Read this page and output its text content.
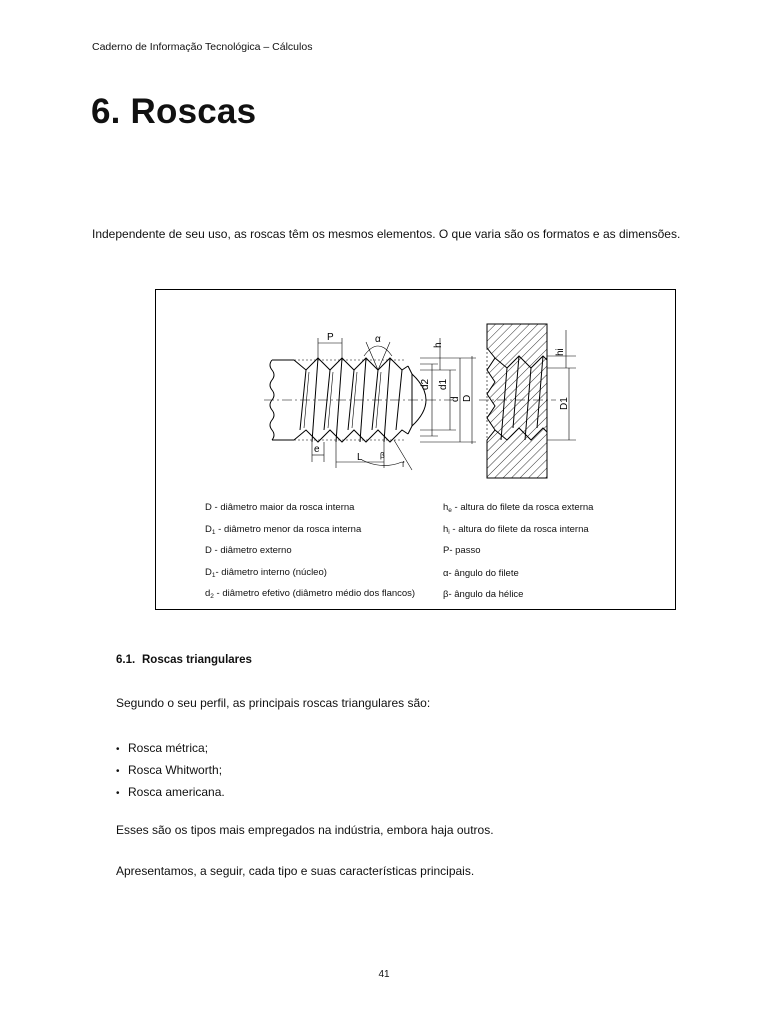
Caderno de Informação Tecnológica – Cálculos
6. Roscas
Independente de seu uso, as roscas têm os mesmos elementos. O que varia são os formatos e as dimensões.
P	α
h
d2 d1
d D
hi
D1
e
β
L
f
D - diâmetro maior da rosca interna
$D_1$ - diâmetro menor da rosca interna
D - diâmetro externo
$D_1-$ diâmetro interno (núcleo)
$d_2$ - diâmetro efetivo (diâmetro médio dos flancos)
$h_e$ - altura do filete da rosca externa
$h_i$ - altura do filete da rosca interna
P- passo
α- ângulo do filete
β- ângulo da hélice
6.1. Roscas triangulares
Segundo o seu perfil, as principais roscas triangulares são:
• Rosca métrica;
• Rosca Whitworth;
• Rosca americana.
Esses são os tipos mais empregados na indústria, embora haja outros.
Apresentamos, a seguir, cada tipo e suas características principais.
41
